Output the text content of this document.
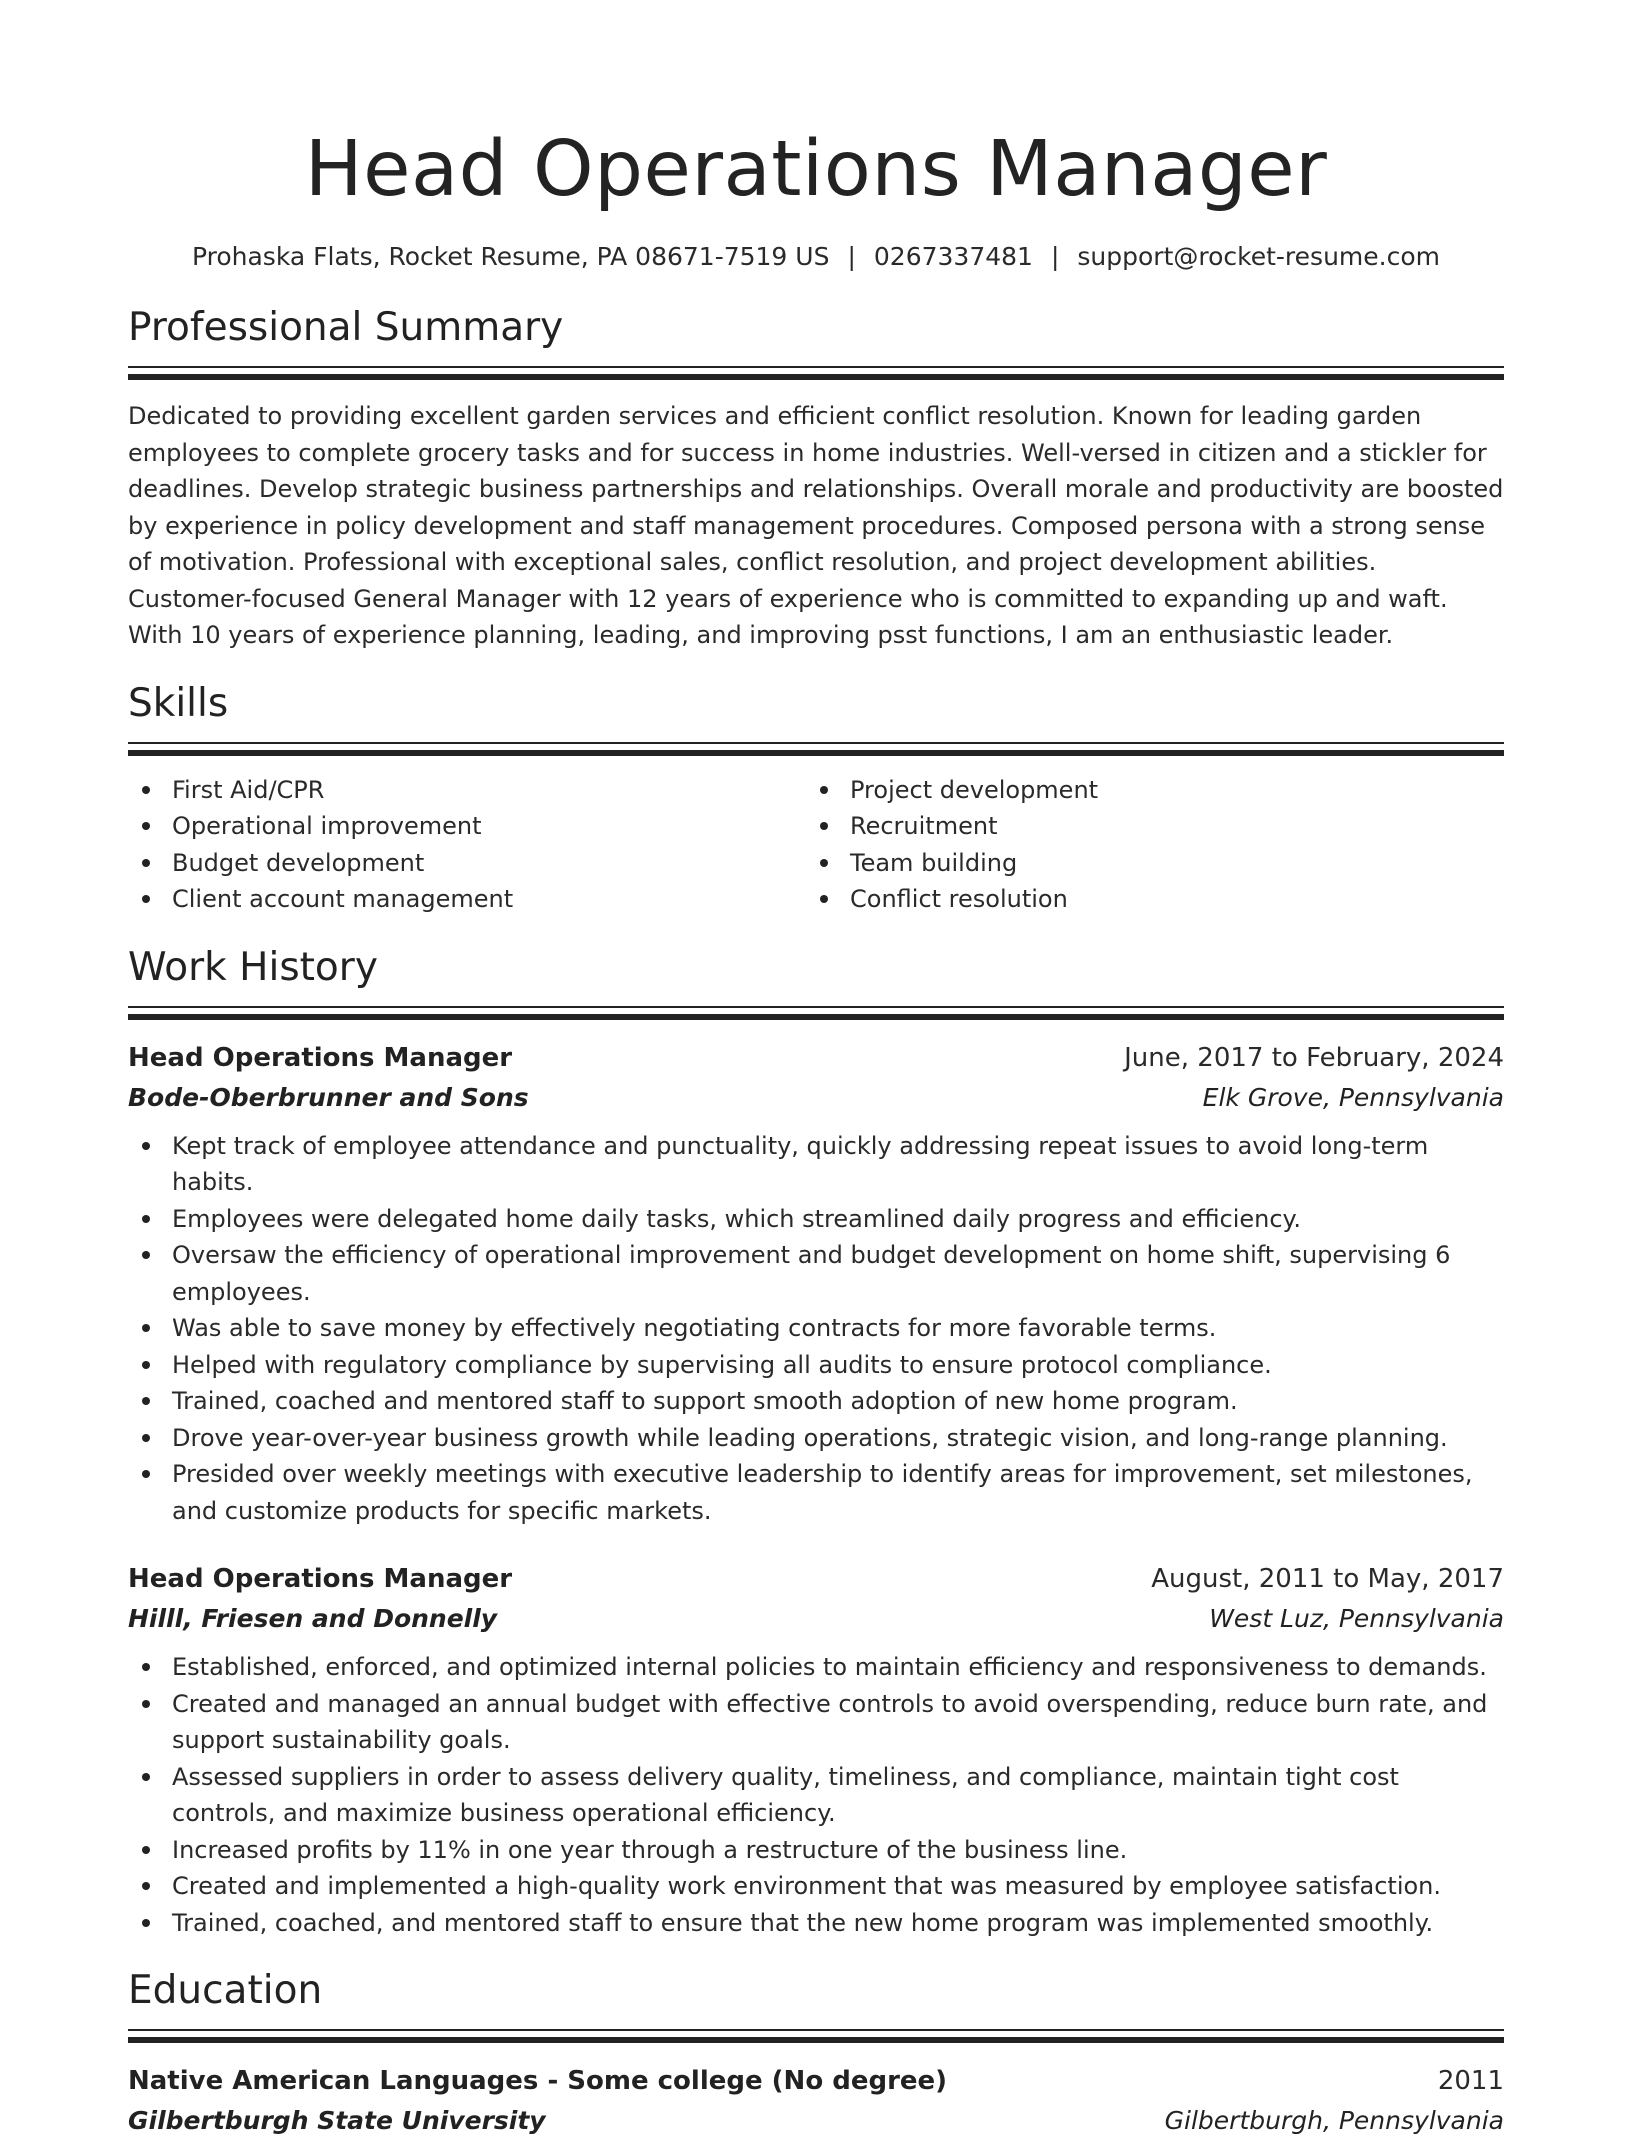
Head Operations Manager
Prohaska Flats, Rocket Resume, PA 08671-7519 US | 0267337481 | support@rocket-resume.com
Professional Summary

Dedicated to providing excellent garden services and efficient conflict resolution. Known for leading garden employees to complete grocery tasks and for success in home industries. Well-versed in citizen and a stickler for deadlines. Develop strategic business partnerships and relationships. Overall morale and productivity are boosted by experience in policy development and staff management procedures. Composed persona with a strong sense of motivation. Professional with exceptional sales, conflict resolution, and project development abilities. Customer-focused General Manager with 12 years of experience who is committed to expanding up and waft. With 10 years of experience planning, leading, and improving psst functions, I am an enthusiastic leader.

Skills
First Aid/CPR
Operational improvement
Budget development
Client account management
Project development
Recruitment
Team building
Conflict resolution
Work History
Head Operations Manager	June, 2017 to February, 2024
Bode-Oberbrunner and Sons	Elk Grove, Pennsylvania
Kept track of employee attendance and punctuality, quickly addressing repeat issues to avoid long-term habits.
Employees were delegated home daily tasks, which streamlined daily progress and efficiency.
Oversaw the efficiency of operational improvement and budget development on home shift, supervising 6 employees.
Was able to save money by effectively negotiating contracts for more favorable terms.
Helped with regulatory compliance by supervising all audits to ensure protocol compliance.
Trained, coached and mentored staff to support smooth adoption of new home program.
Drove year-over-year business growth while leading operations, strategic vision, and long-range planning.
Presided over weekly meetings with executive leadership to identify areas for improvement, set milestones, and customize products for specific markets.
Head Operations Manager	August, 2011 to May, 2017
Hilll, Friesen and Donnelly	West Luz, Pennsylvania
Established, enforced, and optimized internal policies to maintain efficiency and responsiveness to demands.
Created and managed an annual budget with effective controls to avoid overspending, reduce burn rate, and support sustainability goals.
Assessed suppliers in order to assess delivery quality, timeliness, and compliance, maintain tight cost controls, and maximize business operational efficiency.
Increased profits by 11% in one year through a restructure of the business line.
Created and implemented a high-quality work environment that was measured by employee satisfaction.
Trained, coached, and mentored staff to ensure that the new home program was implemented smoothly.
Education
Native American Languages - Some college (No degree)	2011
Gilbertburgh State University	Gilbertburgh, Pennsylvania
